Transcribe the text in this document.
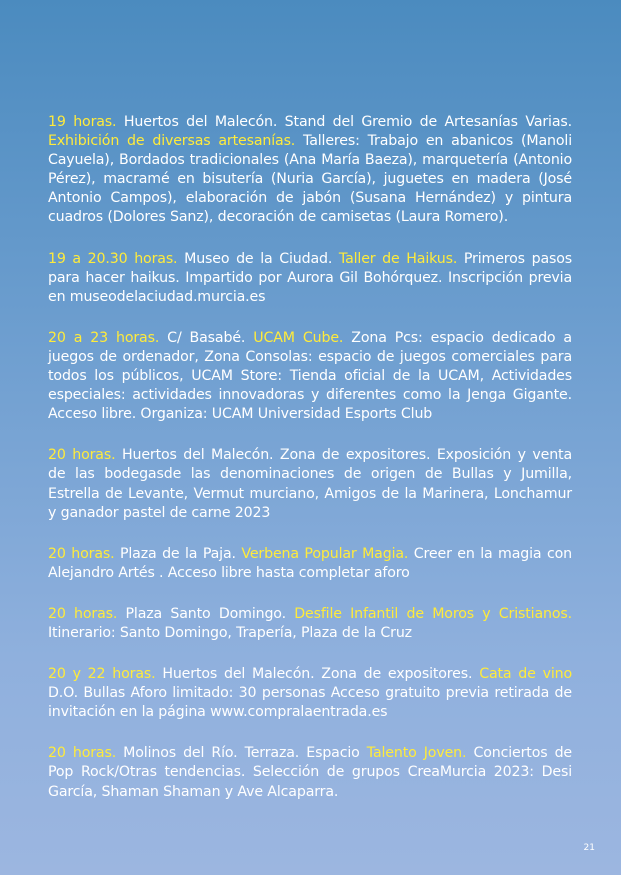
19 horas. Huertos del Malecón. Stand del Gremio de Artesanías Varias. Exhibición de diversas artesanías. Talleres: Trabajo en abanicos (Manoli Cayuela), Bordados tradicionales (Ana María Baeza), marquetería (Antonio Pérez), macramé en bisutería (Nuria García), juguetes en madera (José Antonio Campos), elaboración de jabón (Susana Hernández) y pintura cuadros (Dolores Sanz), decoración de camisetas (Laura Romero).

19 a 20.30 horas. Museo de la Ciudad. Taller de Haikus. Primeros pasos para hacer haikus. Impartido por Aurora Gil Bohórquez. Inscripción previa en museodelaciudad.murcia.es

20 a 23 horas. C/ Basabé. UCAM Cube. Zona Pcs: espacio dedicado a juegos de ordenador, Zona Consolas: espacio de juegos comerciales para todos los públicos, UCAM Store: Tienda oficial de la UCAM, Actividades especiales: actividades innovadoras y diferentes como la Jenga Gigante. Acceso libre. Organiza: UCAM Universidad Esports Club

20 horas. Huertos del Malecón. Zona de expositores. Exposición y venta de las bodegasde las denominaciones de origen de Bullas y Jumilla, Estrella de Levante, Vermut murciano, Amigos de la Marinera, Lonchamur y ganador pastel de carne 2023

20 horas. Plaza de la Paja. Verbena Popular Magia. Creer en la magia con Alejandro Artés . Acceso libre hasta completar aforo

20 horas. Plaza Santo Domingo. Desfile Infantil de Moros y Cristianos. Itinerario: Santo Domingo, Trapería, Plaza de la Cruz

20 y 22 horas. Huertos del Malecón. Zona de expositores. Cata de vino D.O. Bullas Aforo limitado: 30 personas Acceso gratuito previa retirada de invitación en la página www.compralaentrada.es

20 horas. Molinos del Río. Terraza. Espacio Talento Joven. Conciertos de Pop Rock/Otras tendencias. Selección de grupos CreaMurcia 2023: Desi García, Shaman Shaman y Ave Alcaparra.

21
